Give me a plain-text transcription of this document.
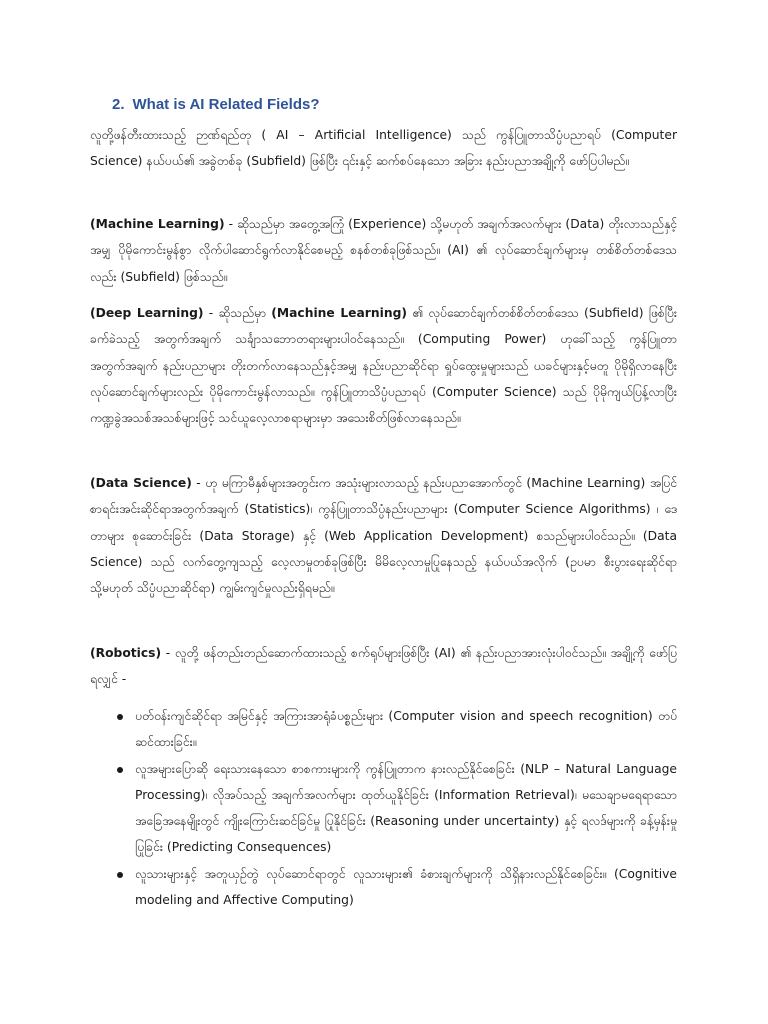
2. What is AI Related Fields?

လူတို့ဖန်တီးထားသည့် ဉာဏ်ရည်တု ( AI – Artificial Intelligence) သည် ကွန်ပြူတာသိပ္ပံပညာရပ် (Computer Science) နယ်ပယ်၏ အခွဲတစ်ခု (Subfield) ဖြစ်ပြီး ၎င်းနှင့် ဆက်စပ်နေသော အခြား နည်းပညာအချို့ကို ဖော်ပြပါမည်။

(Machine Learning) - ဆိုသည်မှာ အတွေ့အကြုံ (Experience) သို့မဟုတ် အချက်အလက်များ (Data) တိုးလာသည်နှင့်အမျှ ပိုမိုကောင်းမွန်စွာ လိုက်ပါဆောင်ရွက်လာနိုင်စေမည့် စနစ်တစ်ခုဖြစ်သည်။ (AI) ၏ လုပ်ဆောင်ချက်များမှ တစ်စိတ်တစ်ဒေသလည်း (Subfield) ဖြစ်သည်။

(Deep Learning) - ဆိုသည်မှာ (Machine Learning) ၏ လုပ်ဆောင်ချက်တစ်စိတ်တစ်ဒေသ (Subfield) ဖြစ်ပြီး ခက်ခဲသည့် အတွက်အချက် သင်္ချာသဘောတရားများပါဝင်နေသည်။ (Computing Power) ဟုခေါ်သည့် ကွန်ပြူတာအတွက်အချက် နည်းပညာများ တိုးတက်လာနေသည်နှင့်အမျှ နည်းပညာဆိုင်ရာ ရှုပ်ထွေးမှုများသည် ယခင်များနှင့်မတူ ပိုမိုရှိလာနေပြီး လုပ်ဆောင်ချက်များလည်း ပိုမိုကောင်းမွန်လာသည်။ ကွန်ပြူတာသိပ္ပံပညာရပ် (Computer Science) သည် ပိုမိုကျယ်ပြန့်လာပြီး ကဏ္ဍခွဲအသစ်အသစ်များဖြင့် သင်ယူလေ့လာစရာများမှာ အသေးစိတ်ဖြစ်လာနေသည်။

(Data Science) - ဟု မကြာမီနှစ်များအတွင်းက အသုံးများလာသည့် နည်းပညာအောက်တွင် (Machine Learning) အပြင် စာရင်းအင်းဆိုင်ရာအတွက်အချက် (Statistics)၊ ကွန်ပြူတာသိပ္ပံနည်းပညာများ (Computer Science Algorithms) ၊ ဒေတာများ စုဆောင်းခြင်း (Data Storage) နှင့် (Web Application Development) စသည်များပါဝင်သည်။ (Data Science) သည် လက်တွေ့ကျသည့် လေ့လာမှုတစ်ခုဖြစ်ပြီး မိမိလေ့လာမှုပြုနေသည့် နယ်ပယ်အလိုက် (ဥပမာ စီးပွားရေးဆိုင်ရာ သို့မဟုတ် သိပ္ပံပညာဆိုင်ရာ) ကျွမ်းကျင်မှုလည်းရှိရမည်။

(Robotics) - လူတို့ ဖန်တည်းတည်ဆောက်ထားသည့် စက်ရုပ်များဖြစ်ပြီး (AI) ၏ နည်းပညာအားလုံးပါဝင်သည်။ အချို့ကို ဖော်ပြရလျှင် -

ပတ်ဝန်းကျင်ဆိုင်ရာ အမြင်နှင့် အကြားအာရုံခံပစ္စည်းများ (Computer vision and speech recognition) တပ်ဆင်ထားခြင်း။
လူအများပြောဆို ရေးသားနေသော စာစကားများကို ကွန်ပြူတာက နားလည်နိုင်စေခြင်း (NLP – Natural Language Processing)၊ လိုအပ်သည့် အချက်အလက်များ ထုတ်ယူနိုင်ခြင်း (Information Retrieval)၊ မသေချာမရေရာသော အခြေအနေမျိုးတွင် ကျိုးကြောင်းဆင်ခြင်မှု ပြုနိုင်ခြင်း (Reasoning under uncertainty) နှင့် ရလဒ်များကို ခန့်မှန်းမှုပြုခြင်း (Predicting Consequences)
လူသားများနှင့် အတူယှဉ်တွဲ လုပ်ဆောင်ရာတွင် လူသားများ၏ ခံစားချက်များကို သိရှိနားလည်နိုင်စေခြင်း။ (Cognitive modeling and Affective Computing)
